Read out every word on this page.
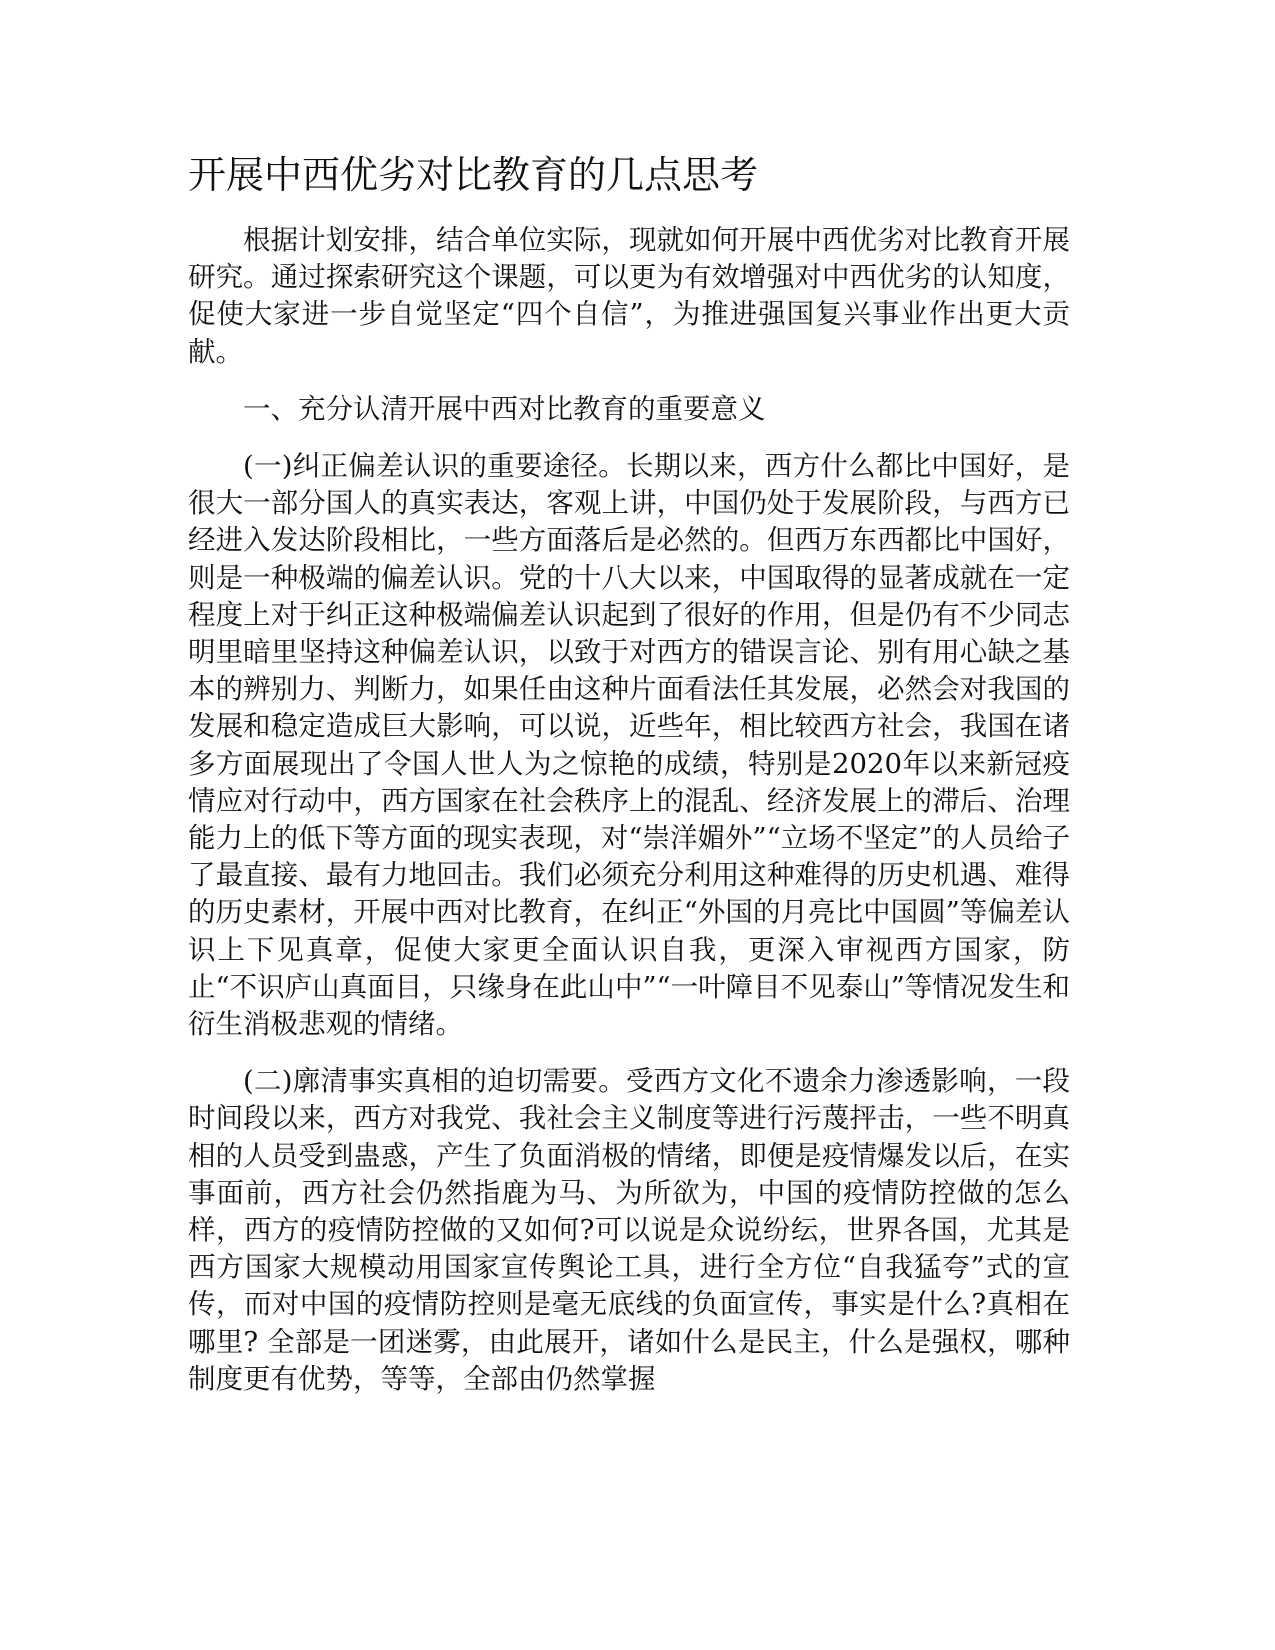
开展中西优劣对比教育的几点思考

根据计划安排，结合单位实际，现就如何开展中西优劣对比教育开展研究。通过探索研究这个课题，可以更为有效增强对中西优劣的认知度，促使大家进一步自觉坚定“四个自信”，为推进强国复兴事业作出更大贡献。

一、充分认清开展中西对比教育的重要意义

(一)纠正偏差认识的重要途径。长期以来，西方什么都比中国好，是很大一部分国人的真实表达，客观上讲，中国仍处于发展阶段，与西方已经进入发达阶段相比，一些方面落后是必然的。但西万东西都比中国好，则是一种极端的偏差认识。党的十八大以来，中国取得的显著成就在一定程度上对于纠正这种极端偏差认识起到了很好的作用，但是仍有不少同志明里暗里坚持这种偏差认识，以致于对西方的错误言论、别有用心缺之基本的辨别力、判断力，如果任由这种片面看法任其发展，必然会对我国的发展和稳定造成巨大影响，可以说，近些年，相比较西方社会，我国在诸多方面展现出了令国人世人为之惊艳的成绩，特别是2020年以来新冠疫情应对行动中，西方国家在社会秩序上的混乱、经济发展上的滞后、治理能力上的低下等方面的现实表现，对“崇洋媚外”“立场不坚定”的人员给子了最直接、最有力地回击。我们必须充分利用这种难得的历史机遇、难得的历史素材，开展中西对比教育，在纠正“外国的月亮比中国圆”等偏差认识上下见真章，促使大家更全面认识自我，更深入审视西方国家，防止“不识庐山真面目，只缘身在此山中”“一叶障目不见泰山”等情况发生和衍生消极悲观的情绪。

(二)廓清事实真相的迫切需要。受西方文化不遗余力渗透影响，一段时间段以来，西方对我党、我社会主义制度等进行污蔑抨击，一些不明真相的人员受到蛊惑，产生了负面消极的情绪，即便是疫情爆发以后，在实事面前，西方社会仍然指鹿为马、为所欲为，中国的疫情防控做的怎么样，西方的疫情防控做的又如何?可以说是众说纷纭，世界各国，尤其是西方国家大规模动用国家宣传舆论工具，进行全方位“自我猛夸”式的宣传，而对中国的疫情防控则是毫无底线的负面宣传，事实是什么?真相在哪里? 全部是一团迷雾，由此展开，诸如什么是民主，什么是强权，哪种制度更有优势，等等，全部由仍然掌握
